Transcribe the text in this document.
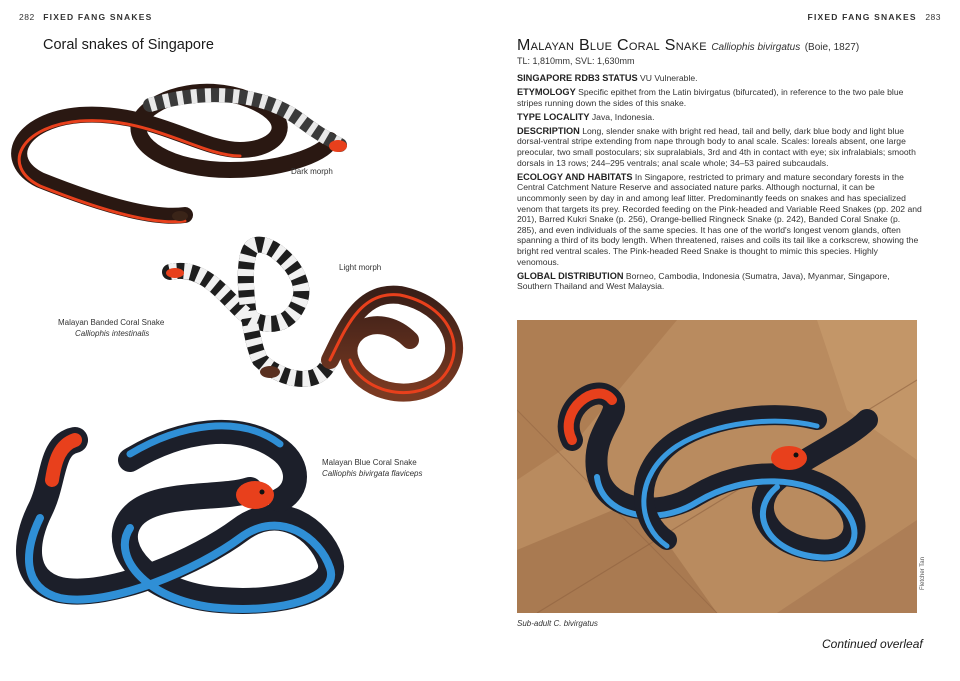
282 FIXED FANG SNAKES	FIXED FANG SNAKES 283
Coral snakes of Singapore
Dark morph
Light morph
Malayan Banded Coral Snake
Calliophis intestinalis
Malayan Blue Coral Snake
Calliophis bivirgata flaviceps
Malayan Blue Coral Snake Calliophis bivirgatus (Boie, 1827)
TL: 1,810mm, SVL: 1,630mm

SINGAPORE RDB3 STATUS VU Vulnerable.

ETYMOLOGY Specific epithet from the Latin bivirgatus (bifurcated), in reference to the two pale blue stripes running down the sides of this snake.

TYPE LOCALITY Java, Indonesia.

DESCRIPTION Long, slender snake with bright red head, tail and belly, dark blue body and light blue dorsal-ventral stripe extending from nape through body to anal scale. Scales: loreals absent, one large preocular, two small postoculars; six supralabials, 3rd and 4th in contact with eye; six infralabials; smooth dorsals in 13 rows; 244–295 ventrals; anal scale whole; 34–53 paired subcaudals.

ECOLOGY AND HABITATS In Singapore, restricted to primary and mature secondary forests in the Central Catchment Nature Reserve and associated nature parks. Although nocturnal, it can be uncommonly seen by day in and among leaf litter. Predominantly feeds on snakes and has specialized venom that targets its prey. Recorded feeding on the Pink-headed and Variable Reed Snakes (pp. 202 and 201), Barred Kukri Snake (p. 256), Orange-bellied Ringneck Snake (p. 242), Banded Coral Snake (p. 285), and even individuals of the same species. It has one of the world's longest venom glands, often spanning a third of its body length. When threatened, raises and coils its tail like a corkscrew, showing the bright red ventral scales. The Pink-headed Reed Snake is thought to mimic this species. Highly venomous.

GLOBAL DISTRIBUTION Borneo, Cambodia, Indonesia (Sumatra, Java), Myanmar, Singapore, Southern Thailand and West Malaysia.

Fletcher Tan
Sub-adult C. bivirgatus
Continued overleaf
